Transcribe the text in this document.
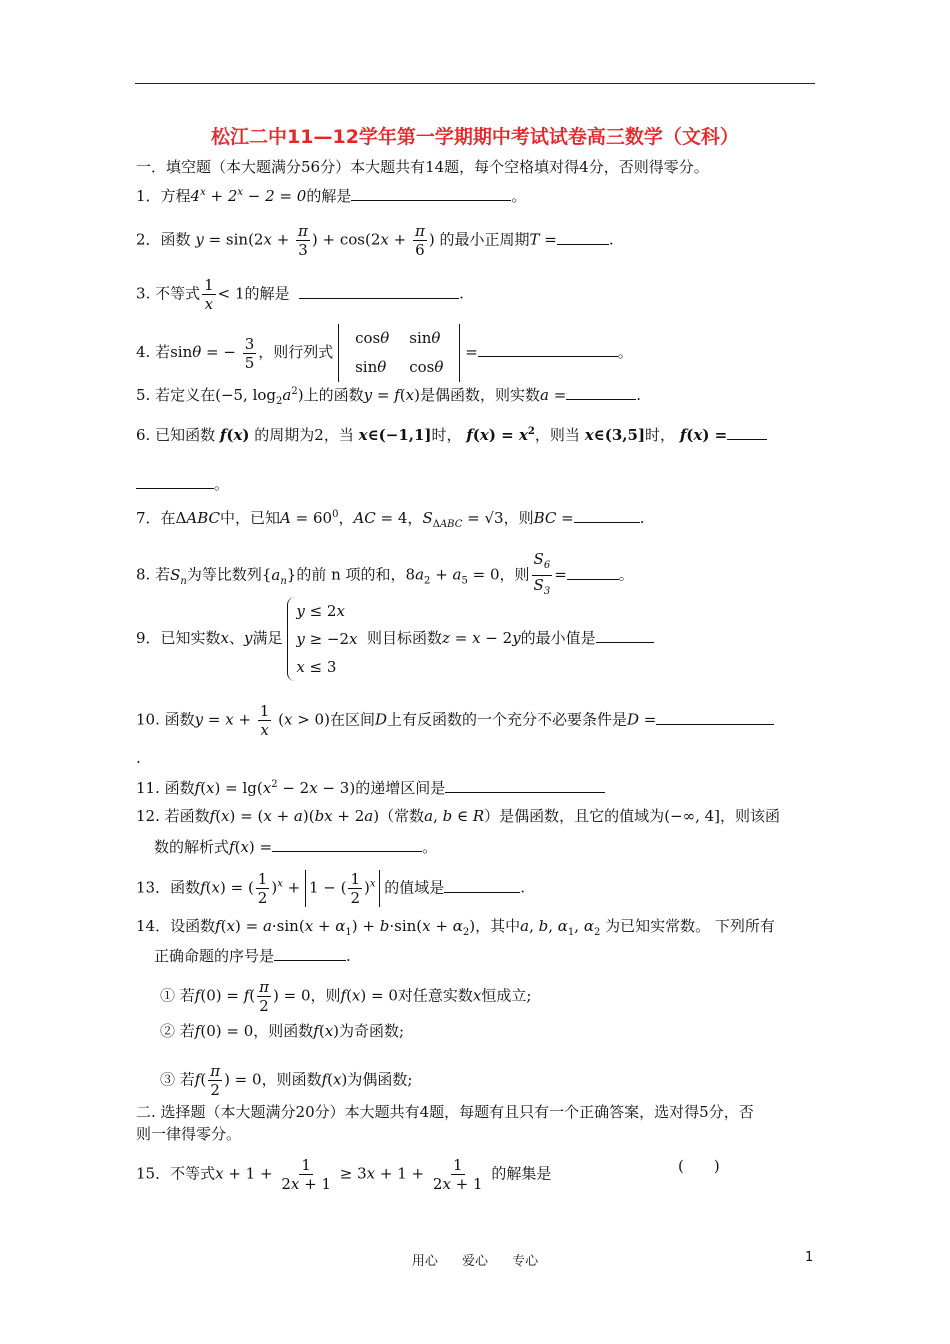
松江二中11—12学年第一学期期中考试试卷高三数学（文科）
一．填空题（本大题满分56分）本大题共有14题，每个空格填对得4分，否则得零分。
1．方程$4^x + 2^x - 2 = 0$的解是	。
2．函数 $y = \sin(2x + \frac{\pi}{3}$ ) + $\cos(2x + \frac{\pi}{6}$ ) 的最小正周期T =	.
3. 不等式 $\frac{1}{x} < 1$的解是	.
4. 若sinθ = − $\frac{3}{5}$ ，则行列式
cosθ	sinθ
sinθ	cosθ
=	。
5. 若定义在(−5, $\log_2a^2$)上的函数y = f(x)是偶函数，则实数a =	.
6. 已知函数 f(x) 的周期为2，当 x∈(−1,1]时， $f(x) = x^2$，则当 x∈(3,5]时， f(x) =
。
7．在ΔABC中，已知$A = 60^0$，AC = 4，$S_{\Delta ABC} = √3$，则BC =	.
8. 若$S_n$为等比数列$\{a_n\}$的前 n 项的和，$8a_2 + a_5 = 0$，则 $\frac{S_6}{S_3}$ =	。
9．已知实数x、y满足 y ≤ 2x
y ≥ −2x
x ≤ 3  则目标函数z = x − 2y的最小值是
10. 函数$y = x + \frac{1}{x} (x > 0)$在区间D上有反函数的一个充分不必要条件是D =
.
11. 函数$f(x) = \lg(x^2 - 2x - 3)$的递增区间是
12. 若函数f(x) = (x + a)(bx + 2a)（常数a, b ∈ R）是偶函数，且它的值域为(−∞, 4]，则该函
数的解析式f(x) =	。
13．函数f(x) = ( $\frac{1}{2} )^x + 1$ − ( $\frac{1}{2} )^x$ 的值域是	.
14．设函数$f(x) = a\cdot\sin(x + \alpha_1) + b\cdot\sin(x + \alpha_2)$，其中a, b, $\alpha_1$, $\alpha_2$ 为已知实常数。 下列所有
正确命题的序号是	.
① 若$f(0) = f( \frac{\pi}{2}$ ) = 0，则f(x) = 0对任意实数x恒成立;
② 若f(0) = 0，则函数f(x)为奇函数;
③ 若$f( \frac{\pi}{2}$ ) = 0，则函数f(x)为偶函数;
二. 选择题（本大题满分20分）本大题共有4题，每题有且只有一个正确答案，选对得5分，否
则一律得零分。
15．不等式$x + 1 + \frac{1}{2x + 1} \ge 3x + 1 + \frac{1}{2x + 1}$ 的解集是	(　　)
用心 爱心 专心	1
